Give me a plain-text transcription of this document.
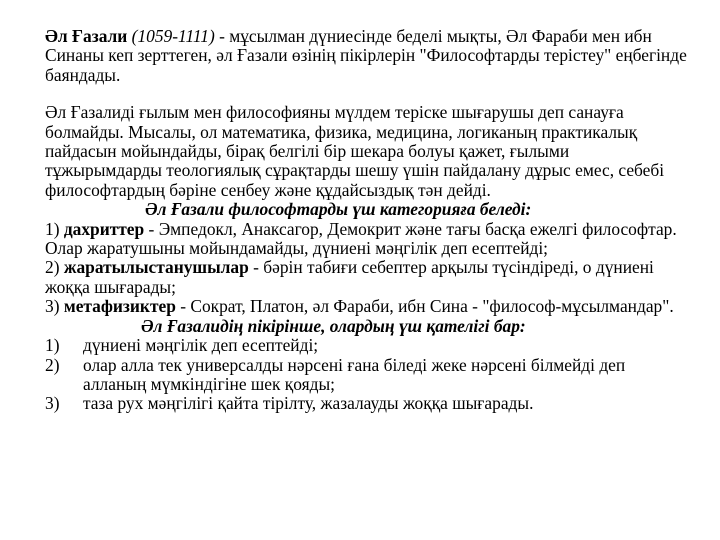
Әл Ғазали (1059-1111) - мұсылман дүниесінде беделі мықты, Әл Фараби мен ибн Синаны кеп зерттеген, әл Ғазали өзінің пікірлерін "Философтарды терістеу" еңбегінде баяндады.

Әл Ғазалиді ғылым мен философияны мүлдем теріске шығарушы деп санауға болмайды. Мысалы, ол математика, физика, медицина, логиканың практикалық пайдасын мойындайды, бірақ белгілі бір шекара болуы қажет, ғылыми тұжырымдарды теологиялық сұрақтарды шешу үшін пайдалану дұрыс емес, себебі философтардың бәріне сенбеу және құдайсыздық тән дейді.

Әл Ғазали философтарды үш категорияға беледі:

1) дахриттер - Эмпедокл, Анаксагор, Демокрит және тағы басқа ежелгі философтар. Олар жаратушыны мойындамайды, дүниені мәңгілік деп есептейді;

2) жаратылыстанушылар - бәрін табиғи себептер арқылы түсіндіреді, о дүниені жоққа шығарады;

3) метафизиктер - Сократ, Платон, әл Фараби, ибн Сина - "философ-мұсылмандар".

Әл Ғазалидің пікірінше, олардың үш қателігі бар:
1)	дүниені мәңгілік деп есептейді;
2)	олар алла тек универсалды нәрсені ғана біледі жеке нәрсені білмейді деп алланың мүмкіндігіне шек қояды;
3)	таза рух мәңгілігі қайта тірілту, жазалауды жоққа шығарады.
